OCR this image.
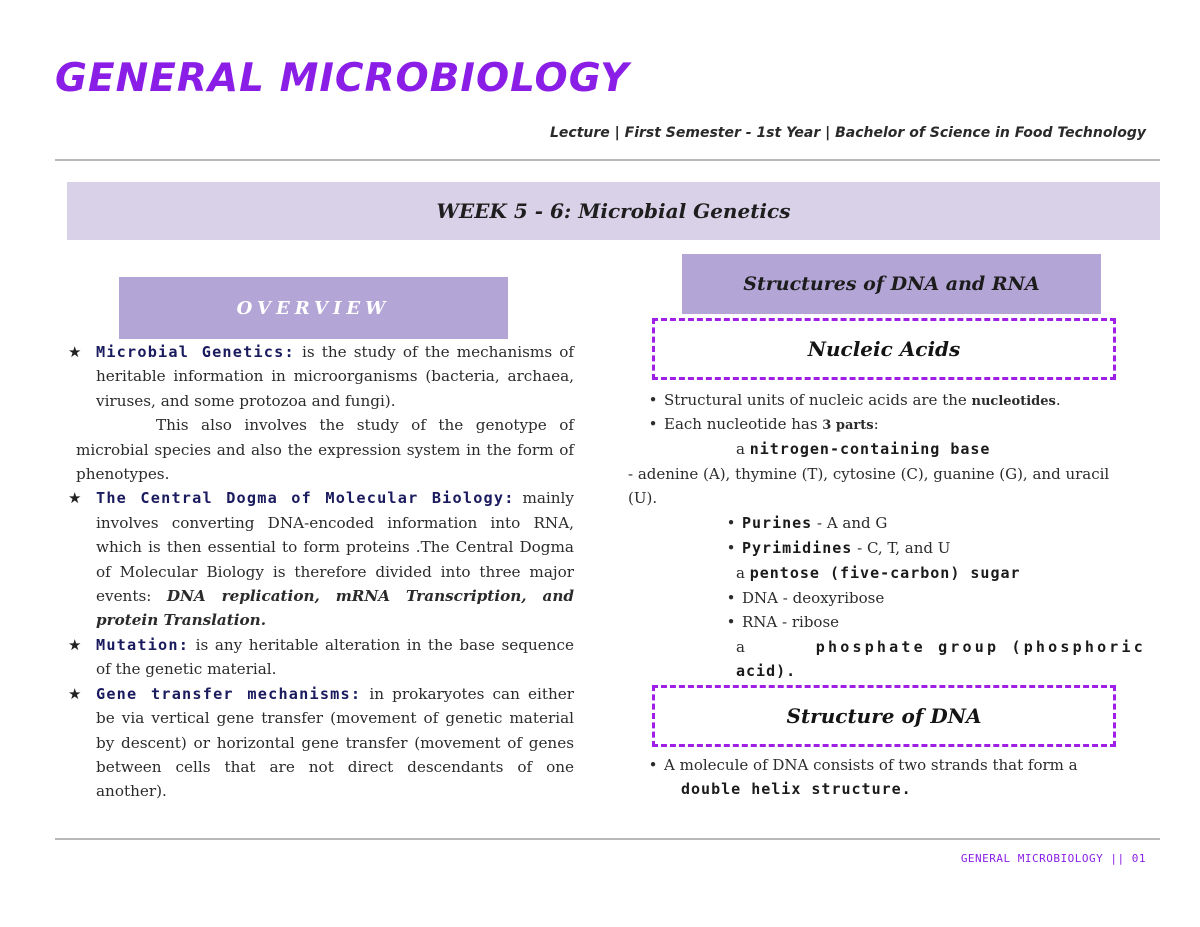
GENERAL MICROBIOLOGY
Lecture | First Semester - 1st Year | Bachelor of Science in Food Technology
WEEK 5 - 6: Microbial Genetics
OVERVIEW
★ Microbial Genetics: is the study of the mechanisms of heritable information in microorganisms (bacteria, archaea, viruses, and some protozoa and fungi).
This also involves the study of the genotype of microbial species and also the expression system in the form of phenotypes.
★ The Central Dogma of Molecular Biology: mainly involves converting DNA-encoded information into RNA, which is then essential to form proteins .The Central Dogma of Molecular Biology is therefore divided into three major events: DNA replication, mRNA Transcription, and protein Translation.
★ Mutation: is any heritable alteration in the base sequence of the genetic material.
★ Gene transfer mechanisms: in prokaryotes can either be via vertical gene transfer (movement of genetic material by descent) or horizontal gene transfer (movement of genes between cells that are not direct descendants of one another).
Structures of DNA and RNA
Nucleic Acids
• Structural units of nucleic acids are the nucleotides.
• Each nucleotide has 3 parts:
a nitrogen-containing base
- adenine (A), thymine (T), cytosine (C), guanine (G), and uracil
(U).
• Purines - A and G
• Pyrimidines - C, T, and U
a pentose (five-carbon) sugar
• DNA - deoxyribose
• RNA - ribose
a	phosphate group (phosphoric
acid).
Structure of DNA
• A molecule of DNA consists of two strands that form a
double helix structure.
GENERAL MICROBIOLOGY || 01
